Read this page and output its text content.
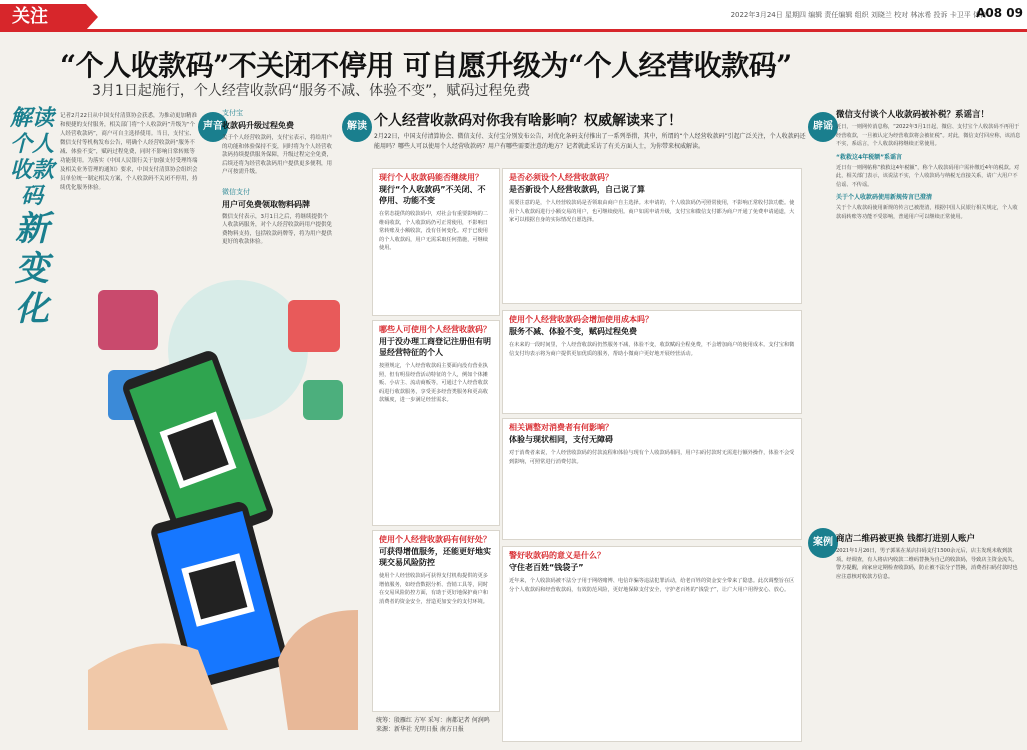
关注	2022年3月24日 星期四 编辑 责任编辑 组织 刘晓兰 校对 林冰希 投诉 卡卫平 体育
A08 09
“个人收款码”不关闭不停用 可自愿升级为“个人经营收款码”
3月1日起施行，个人经营收款码“服务不减、体验不变”，赋码过程免费
解读个人收款码
新变化
记者2月22日从中国支付清算协会获悉，为推动更加精准和便捷的支付服务，相关部门将“个人收款码”升级为“个人经营收款码”，商户可自主选择使用。当日，支付宝、微信支付等机构发布公告，明确个人经营收款码“服务不减、体验不变”，赋码过程免费，同时不影响日常转账等功能使用。为落实《中国人民银行关于加强支付受理终端及相关业务管理的通知》要求，中国支付清算协会组织会员单位统一制定相关方案，个人收款码不关闭不停用，持续优化服务体验。
声音
支付宝
收款码升级过程免费
关于个人经营收款码，支付宝表示，将给用户的功能和体验保持不变，同时将为个人经营收款码持续提供服务保障，升级过程完全免费，后续还将为经营收款码用户提供更多便利，用户可按需升级。
微信支付
用户可免费领取物料码牌
微信支付表示，3月1日之后，将继续提供个人收款码服务，对个人经营收款码用户提供免费物料支持，包括收款码牌等，将为用户提供更好的收款体验。
解读 个人经营收款码对你我有啥影响？权威解读来了！
2月22日，中国支付清算协会、微信支付、支付宝分别发布公告，对优化条码支付推出了一系列举措，其中，所谓的“个人经营收款码”引起广泛关注，个人收款码还能用吗？哪些人可以使用个人经营收款码？用户有哪些需要注意的地方？记者就此采访了有关方面人士，为你带来权威解读。
现行个人收款码能否继续用？
现行“个人收款码”不关闭、不停用、功能不变
在常态提供的收款码中，对社会有重要影响的二维码收款，个人收款码仍可正常使用，不影响日常转账及小额收款，没有任何变化。对于已使用的个人收款码，用户无需采取任何措施，可继续使用。
是否必须设个人经营收款码？
是否新设个人经营收款码，自己说了算
需要注意的是，个人经营收款码是否领取由商户自主选择。未申请的，个人收款码仍可照常使用，不影响正常收付款功能。使用个人收款码进行小额交易的用户，也可继续使用。商户如需申请升级，支付宝和微信支付都为商户开通了免费申请通道，大家可以根据自身的实际情况自愿选择。
哪些人可使用个人经营收款码？
用于没办理工商登记注册但有明显经营特征的个人
按照规定，个人经营收款码主要面向没有营业执照，但有明显经营活动特征的个人，例如个体摊贩、小店主、流动商贩等，可通过个人经营收款码进行收款服务，享受更多经营类服务和更高收款额度，进一步满足经营需求。
使用个人经营收款码会增加使用成本吗？
服务不减、体验不变，赋码过程免费
在未来的一段时间里，个人经营收款码仍然服务不减，体验不变，收款赋码全程免费，不会增加商户的使用成本。支付宝和微信支付均表示将为商户提供更加优质的服务，帮助小微商户更好地开展经营活动。
相关调整对消费者有何影响？
体验与现状相同，支付无障碍
对于消费者来说，个人经营收款码的付款流程和体验与现有个人收款码相同，用户扫码付款时无需进行额外操作，体验不会受到影响，可照常进行消费付款。
使用个人经营收款码有何好处？
可获得增值服务，还能更好地实现交易风险防控
使用个人经营收款码可获得支付机构提供的更多增值服务，如经营数据分析、营销工具等，同时在交易风险防控方面，有助于更好地保护商户和消费者的资金安全，营造更加安全的支付环境。
警好收款码的意义是什么？
守住老百姓“钱袋子”
近年来，个人收款码被不法分子用于网络赌博、电信诈骗等违法犯罪活动，给老百姓的资金安全带来了隐患。此次调整旨在区分个人收款码和经营收款码，有效防范风险，更好地保障支付安全，守护老百姓的“钱袋子”，让广大用户用得安心、放心。
统筹：殷雁红 方军 采写：南都记者 何润鸣
来源：新华社 光明日报 南方日报
辟谣
微信支付谈个人收款码被补税？系谣言！
近日，一则网传消息称，“2022年3月1日起，微信、支付宝个人收款码不再用于经营收款，一旦被认定为经营收款将会被征税”。对此，微信支付回应称，该消息不实，系谣言，个人收款码将继续正常使用。
“救救这4年税额”系谣言
近日有一则网帖称“救救这4年税额”，称个人收款码用户需补缴近4年的税款。对此，相关部门表示，该说法不实，个人收款码与纳税无直接关系，请广大用户不信谣、不传谣。
关于个人收款码使用新规传言已澄清
关于个人收款码使用新规的传言已被澄清，根据中国人民银行相关规定，个人收款码转账等功能不受影响，普通用户可以继续正常使用。
案例 商店二维码被更换 钱都打进别人账户
2021年1月26日，男子郭某在某店扫码支付1500余元后，店主发现未收到款项。经调查，有人将店内收款二维码替换为自己的收款码，导致店主资金流失。警方提醒，商家应定期检查收款码，防止被不法分子替换，消费者扫码付款时也应注意核对收款方信息。
